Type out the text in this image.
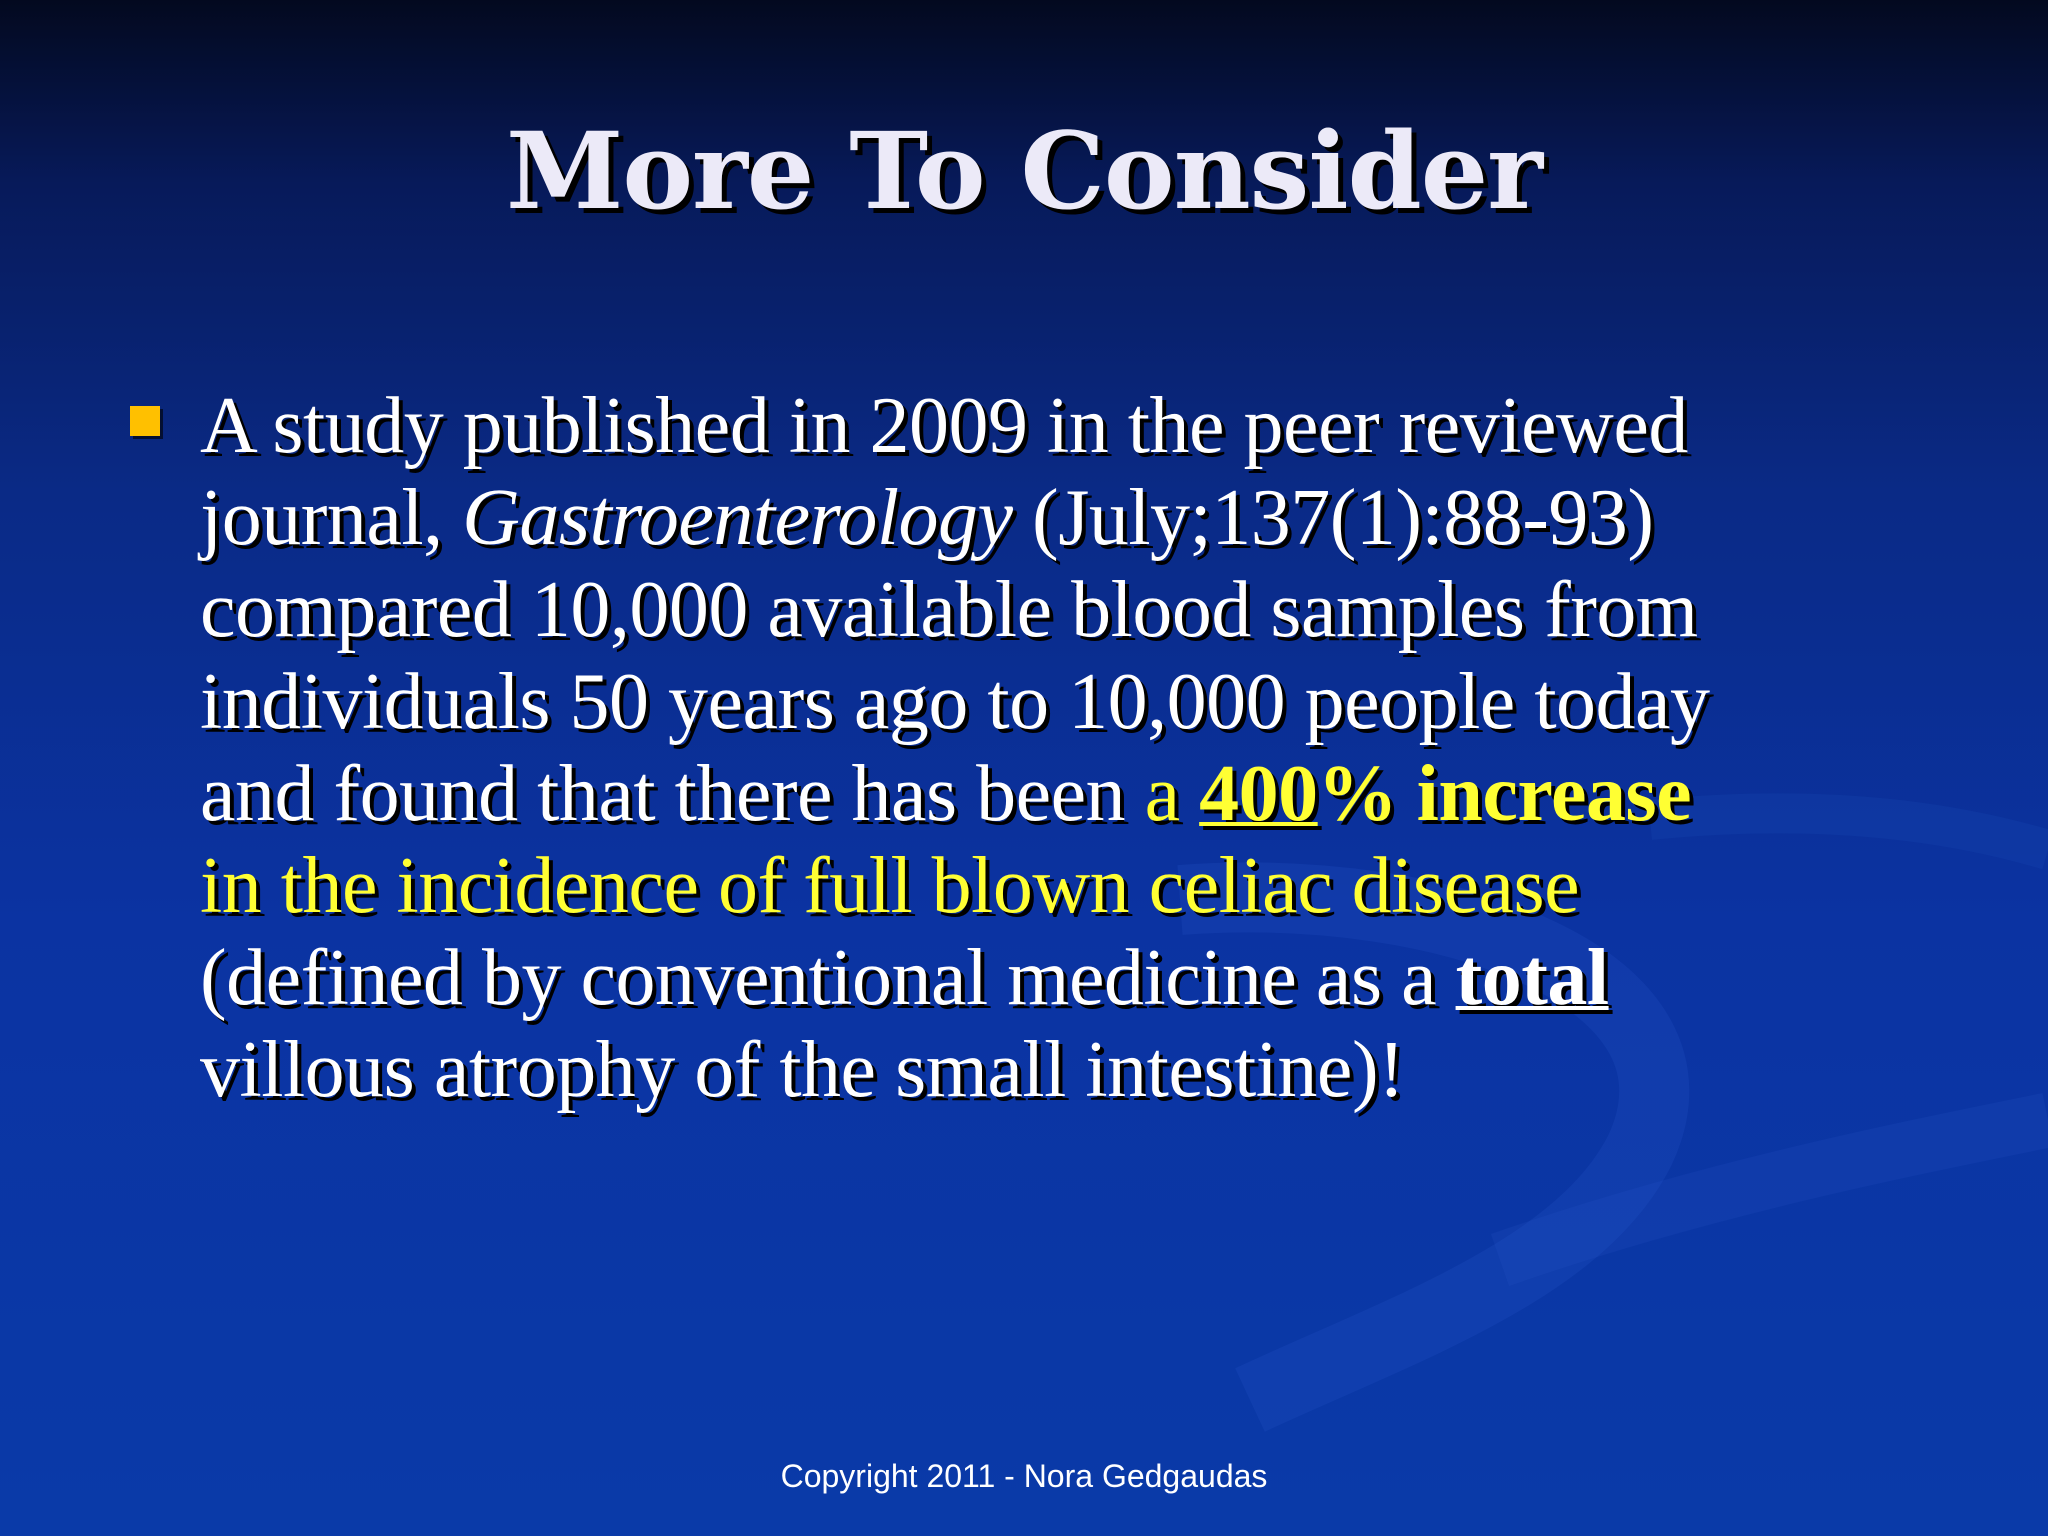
More To Consider
A study published in 2009 in the peer reviewed
journal, Gastroenterology (July;137(1):88-93)
compared 10,000 available blood samples from
individuals 50 years ago to 10,000 people today
and found that there has been a 400% increase
in the incidence of full blown celiac disease
(defined by conventional medicine as a total
villous atrophy of the small intestine)!
Copyright 2011 - Nora Gedgaudas
